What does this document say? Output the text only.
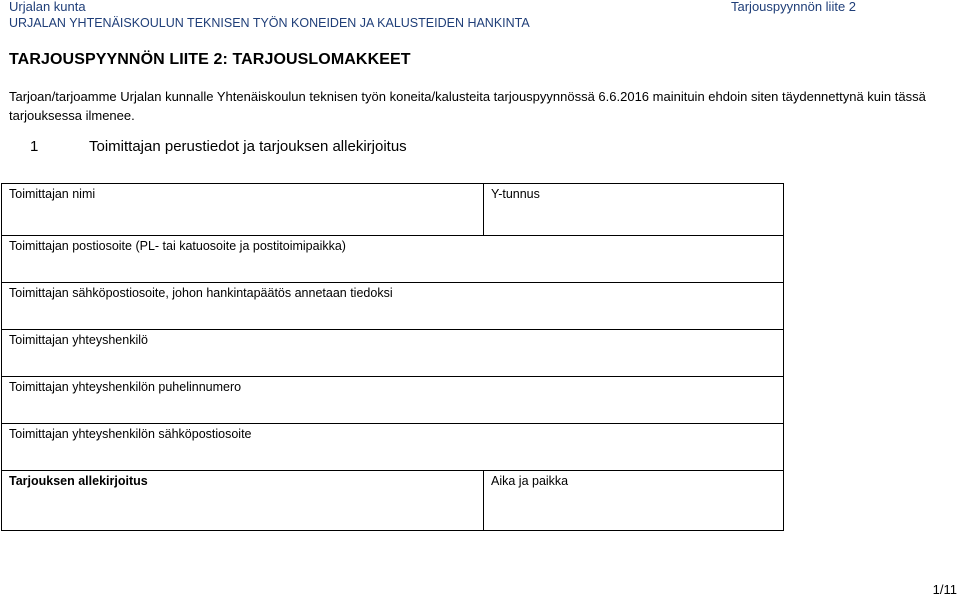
Urjalan kunta
URJALAN YHTENÄISKOULUN TEKNISEN TYÖN KONEIDEN JA KALUSTEIDEN HANKINTA
Tarjouspyynnön liite 2
TARJOUSPYYNNÖN LIITE 2: TARJOUSLOMAKKEET
Tarjoan/tarjoamme Urjalan kunnalle Yhtenäiskoulun teknisen työn koneita/kalusteita tarjouspyynnössä 6.6.2016 mainituin ehdoin siten täydennettynä kuin tässä tarjouksessa ilmenee.
1	Toimittajan perustiedot ja tarjouksen allekirjoitus
Toimittajan nimi	Y-tunnus
Toimittajan postiosoite (PL- tai katuosoite ja postitoimipaikka)	
Toimittajan sähköpostiosoite, johon hankintapäätös annetaan tiedoksi	
Toimittajan yhteyshenkilö	
Toimittajan yhteyshenkilön puhelinnumero	
Toimittajan yhteyshenkilön sähköpostiosoite	
Tarjouksen allekirjoitus	Aika ja paikka
1/11
